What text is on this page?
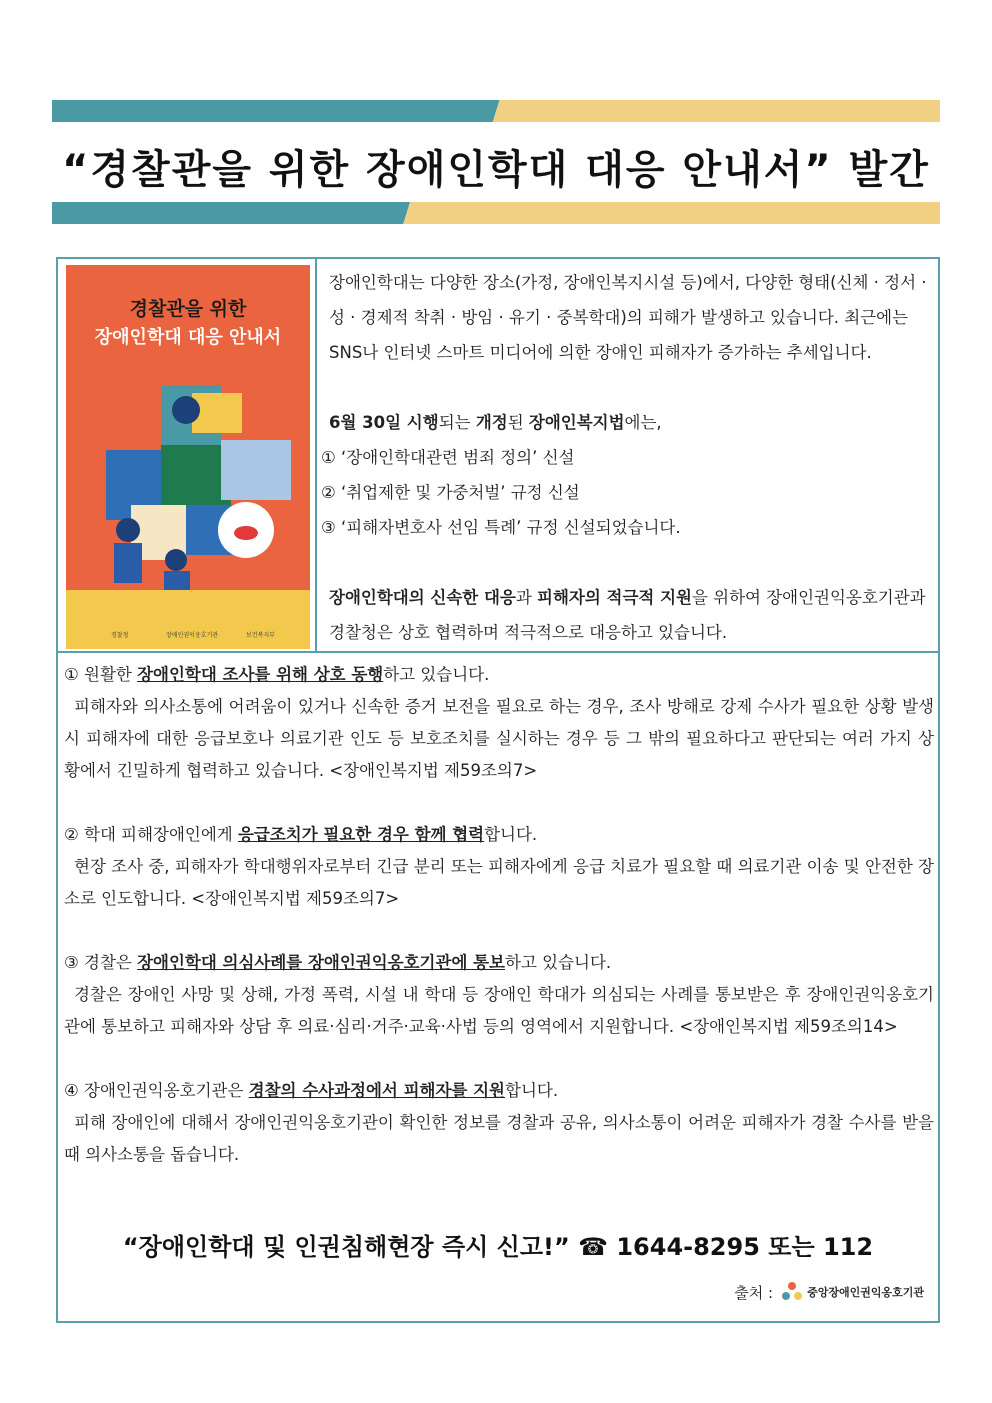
“경찰관을 위한 장애인학대 대응 안내서” 발간
경찰관을 위한
장애인학대 대응 안내서
경찰청	장애인권익옹호기관	보건복지부

장애인학대는 다양한 장소(가정, 장애인복지시설 등)에서, 다양한 형태(신체 · 정서 · 성 · 경제적 착취 · 방임 · 유기 · 중복학대)의 피해가 발생하고 있습니다. 최근에는 SNS나 인터넷 스마트 미디어에 의한 장애인 피해자가 증가하는 추세입니다.

6월 30일 시행되는 개정된 장애인복지법에는,

① ‘장애인학대관련 범죄 정의’ 신설

② ‘취업제한 및 가중처벌’ 규정 신설

③ ‘피해자변호사 선임 특례’ 규정 신설되었습니다.

장애인학대의 신속한 대응과 피해자의 적극적 지원을 위하여 장애인권익옹호기관과 경찰청은 상호 협력하며 적극적으로 대응하고 있습니다.

① 원활한 장애인학대 조사를 위해 상호 동행하고 있습니다.

피해자와 의사소통에 어려움이 있거나 신속한 증거 보전을 필요로 하는 경우, 조사 방해로 강제 수사가 필요한 상황 발생 시 피해자에 대한 응급보호나 의료기관 인도 등 보호조치를 실시하는 경우 등 그 밖의 필요하다고 판단되는 여러 가지 상황에서 긴밀하게 협력하고 있습니다. <장애인복지법 제59조의7>

② 학대 피해장애인에게 응급조치가 필요한 경우 함께 협력합니다.

현장 조사 중, 피해자가 학대행위자로부터 긴급 분리 또는 피해자에게 응급 치료가 필요할 때 의료기관 이송 및 안전한 장소로 인도합니다. <장애인복지법 제59조의7>

③ 경찰은 장애인학대 의심사례를 장애인권익옹호기관에 통보하고 있습니다.

경찰은 장애인 사망 및 상해, 가정 폭력, 시설 내 학대 등 장애인 학대가 의심되는 사례를 통보받은 후 장애인권익옹호기관에 통보하고 피해자와 상담 후 의료·심리·거주·교육·사법 등의 영역에서 지원합니다. <장애인복지법 제59조의14>

④ 장애인권익옹호기관은 경찰의 수사과정에서 피해자를 지원합니다.

피해 장애인에 대해서 장애인권익옹호기관이 확인한 정보를 경찰과 공유, 의사소통이 어려운 피해자가 경찰 수사를 받을 때 의사소통을 돕습니다.

“장애인학대 및 인권침해현장 즉시 신고!” ☎ 1644-8295 또는 112
출처 :	중앙장애인권익옹호기관
